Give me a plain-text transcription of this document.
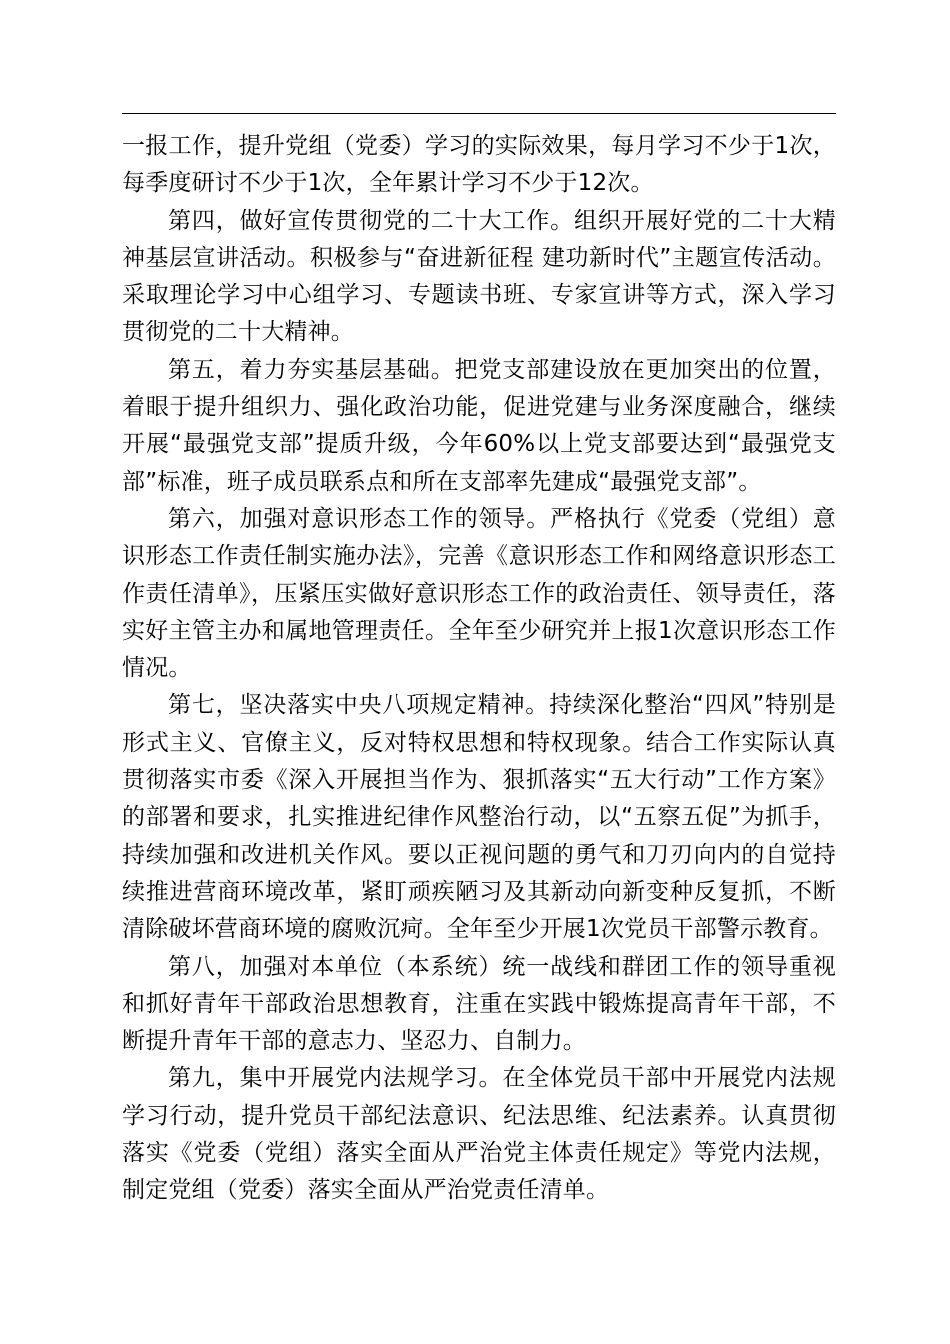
一报工作，提升党组（党委）学习的实际效果，每月学习不少于1次，每季度研讨不少于1次，全年累计学习不少于12次。

第四，做好宣传贯彻党的二十大工作。组织开展好党的二十大精神基层宣讲活动。积极参与“奋进新征程 建功新时代”主题宣传活动。采取理论学习中心组学习、专题读书班、专家宣讲等方式，深入学习贯彻党的二十大精神。

第五，着力夯实基层基础。把党支部建设放在更加突出的位置，着眼于提升组织力、强化政治功能，促进党建与业务深度融合，继续开展“最强党支部”提质升级，今年60%以上党支部要达到“最强党支部”标准，班子成员联系点和所在支部率先建成“最强党支部”。

第六，加强对意识形态工作的领导。严格执行《党委（党组）意识形态工作责任制实施办法》，完善《意识形态工作和网络意识形态工作责任清单》，压紧压实做好意识形态工作的政治责任、领导责任，落实好主管主办和属地管理责任。全年至少研究并上报1次意识形态工作情况。

第七，坚决落实中央八项规定精神。持续深化整治“四风”特别是形式主义、官僚主义，反对特权思想和特权现象。结合工作实际认真贯彻落实市委《深入开展担当作为、狠抓落实“五大行动”工作方案》的部署和要求，扎实推进纪律作风整治行动，以“五察五促”为抓手，持续加强和改进机关作风。要以正视问题的勇气和刀刃向内的自觉持续推进营商环境改革，紧盯顽疾陋习及其新动向新变种反复抓，不断清除破坏营商环境的腐败沉疴。全年至少开展1次党员干部警示教育。

第八，加强对本单位（本系统）统一战线和群团工作的领导重视和抓好青年干部政治思想教育，注重在实践中锻炼提高青年干部，不断提升青年干部的意志力、坚忍力、自制力。

第九，集中开展党内法规学习。在全体党员干部中开展党内法规学习行动，提升党员干部纪法意识、纪法思维、纪法素养。认真贯彻落实《党委（党组）落实全面从严治党主体责任规定》等党内法规，制定党组（党委）落实全面从严治党责任清单。
